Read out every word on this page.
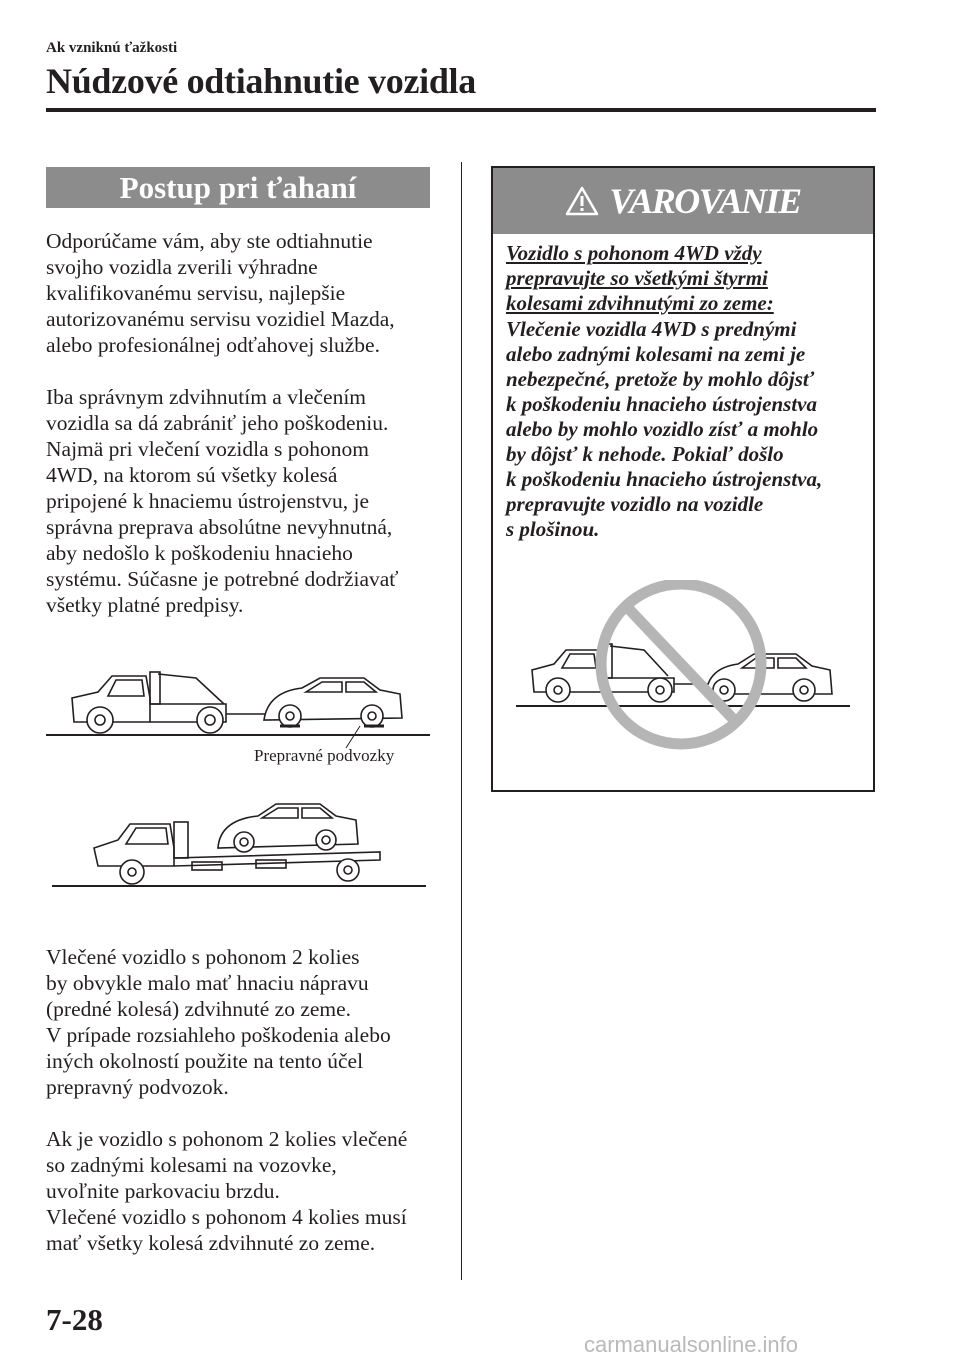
Ak vzniknú ťažkosti
Núdzové odtiahnutie vozidla
Postup pri ťahaní

Odporúčame vám, aby ste odtiahnutie
svojho vozidla zverili výhradne
kvalifikovanému servisu, najlepšie
autorizovanému servisu vozidiel Mazda,
alebo profesionálnej odťahovej službe.

Iba správnym zdvihnutím a vlečením
vozidla sa dá zabrániť jeho poškodeniu.
Najmä pri vlečení vozidla s pohonom
4WD, na ktorom sú všetky kolesá
pripojené k hnaciemu ústrojenstvu, je
správna preprava absolútne nevyhnutná,
aby nedošlo k poškodeniu hnacieho
systému. Súčasne je potrebné dodržiavať
všetky platné predpisy.

Prepravné podvozky

Vlečené vozidlo s pohonom 2 kolies
by obvykle malo mať hnaciu nápravu
(predné kolesá) zdvihnuté zo zeme.
V prípade rozsiahleho poškodenia alebo
iných okolností použite na tento účel
prepravný podvozok.

Ak je vozidlo s pohonom 2 kolies vlečené
so zadnými kolesami na vozovke,
uvoľnite parkovaciu brzdu.

Vlečené vozidlo s pohonom 4 kolies musí
mať všetky kolesá zdvihnuté zo zeme.

VAROVANIE

Vozidlo s pohonom 4WD vždy
prepravujte so všetkými štyrmi
kolesami zdvihnutými zo zeme:

Vlečenie vozidla 4WD s prednými
alebo zadnými kolesami na zemi je
nebezpečné, pretože by mohlo dôjsť
k poškodeniu hnacieho ústrojenstva
alebo by mohlo vozidlo zísť a mohlo
by dôjsť k nehode. Pokiaľ došlo
k poškodeniu hnacieho ústrojenstva,
prepravujte vozidlo na vozidle
s plošinou.

7-28
carmanualsonline.info
